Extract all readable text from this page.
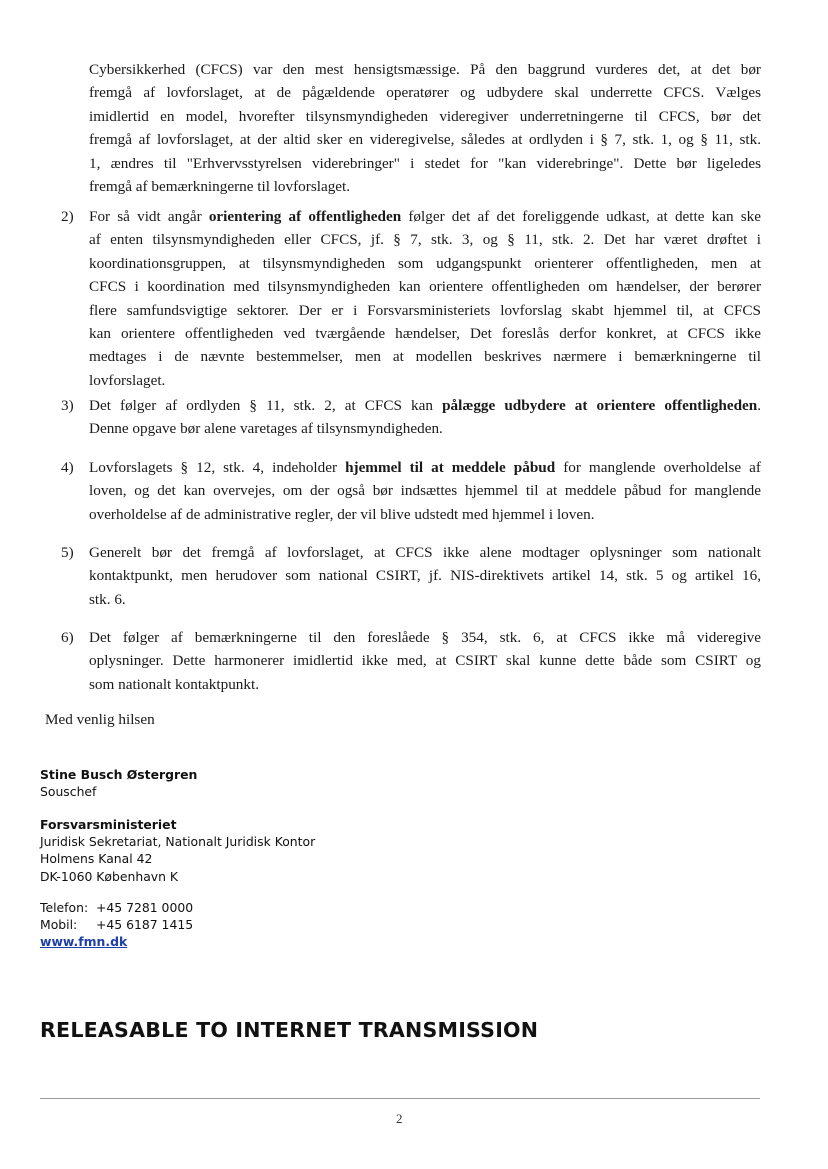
Cybersikkerhed (CFCS) var den mest hensigtsmæssige. På den baggrund vurderes det, at det bør
fremgå af lovforslaget, at de pågældende operatører og udbydere skal underrette CFCS. Vælges
imidlertid en model, hvorefter tilsynsmyndigheden videregiver underretningerne til CFCS, bør det
fremgå af lovforslaget, at der altid sker en videregivelse, således at ordlyden i § 7, stk. 1, og § 11, stk.
1, ændres til "Erhvervsstyrelsen viderebringer" i stedet for "kan viderebringe". Dette bør ligeledes
fremgå af bemærkningerne til lovforslaget.
2) For så vidt angår orientering af offentligheden følger det af det foreliggende udkast, at dette kan ske
af enten tilsynsmyndigheden eller CFCS, jf. § 7, stk. 3, og § 11, stk. 2. Det har været drøftet i
koordinationsgruppen, at tilsynsmyndigheden som udgangspunkt orienterer offentligheden, men at
CFCS i koordination med tilsynsmyndigheden kan orientere offentligheden om hændelser, der berører
flere samfundsvigtige sektorer. Der er i Forsvarsministeriets lovforslag skabt hjemmel til, at CFCS
kan orientere offentligheden ved tværgående hændelser, Det foreslås derfor konkret, at CFCS ikke
medtages i de nævnte bestemmelser, men at modellen beskrives nærmere i bemærkningerne til
lovforslaget.
3) Det følger af ordlyden § 11, stk. 2, at CFCS kan pålægge udbydere at orientere offentligheden.
Denne opgave bør alene varetages af tilsynsmyndigheden.
4) Lovforslagets § 12, stk. 4, indeholder hjemmel til at meddele påbud for manglende overholdelse af
loven, og det kan overvejes, om der også bør indsættes hjemmel til at meddele påbud for manglende
overholdelse af de administrative regler, der vil blive udstedt med hjemmel i loven.
5) Generelt bør det fremgå af lovforslaget, at CFCS ikke alene modtager oplysninger som nationalt
kontaktpunkt, men herudover som national CSIRT, jf. NIS-direktivets artikel 14, stk. 5 og artikel 16,
stk. 6.
6) Det følger af bemærkningerne til den foreslåede § 354, stk. 6, at CFCS ikke må videregive
oplysninger. Dette harmonerer imidlertid ikke med, at CSIRT skal kunne dette både som CSIRT og
som nationalt kontaktpunkt.
Med venlig hilsen
Stine Busch Østergren
Souschef
Forsvarsministeriet
Juridisk Sekretariat, Nationalt Juridisk Kontor
Holmens Kanal 42
DK-1060 København K
Telefon: +45 7281 0000
Mobil: +45 6187 1415
www.fmn.dk
RELEASABLE TO INTERNET TRANSMISSION
2
